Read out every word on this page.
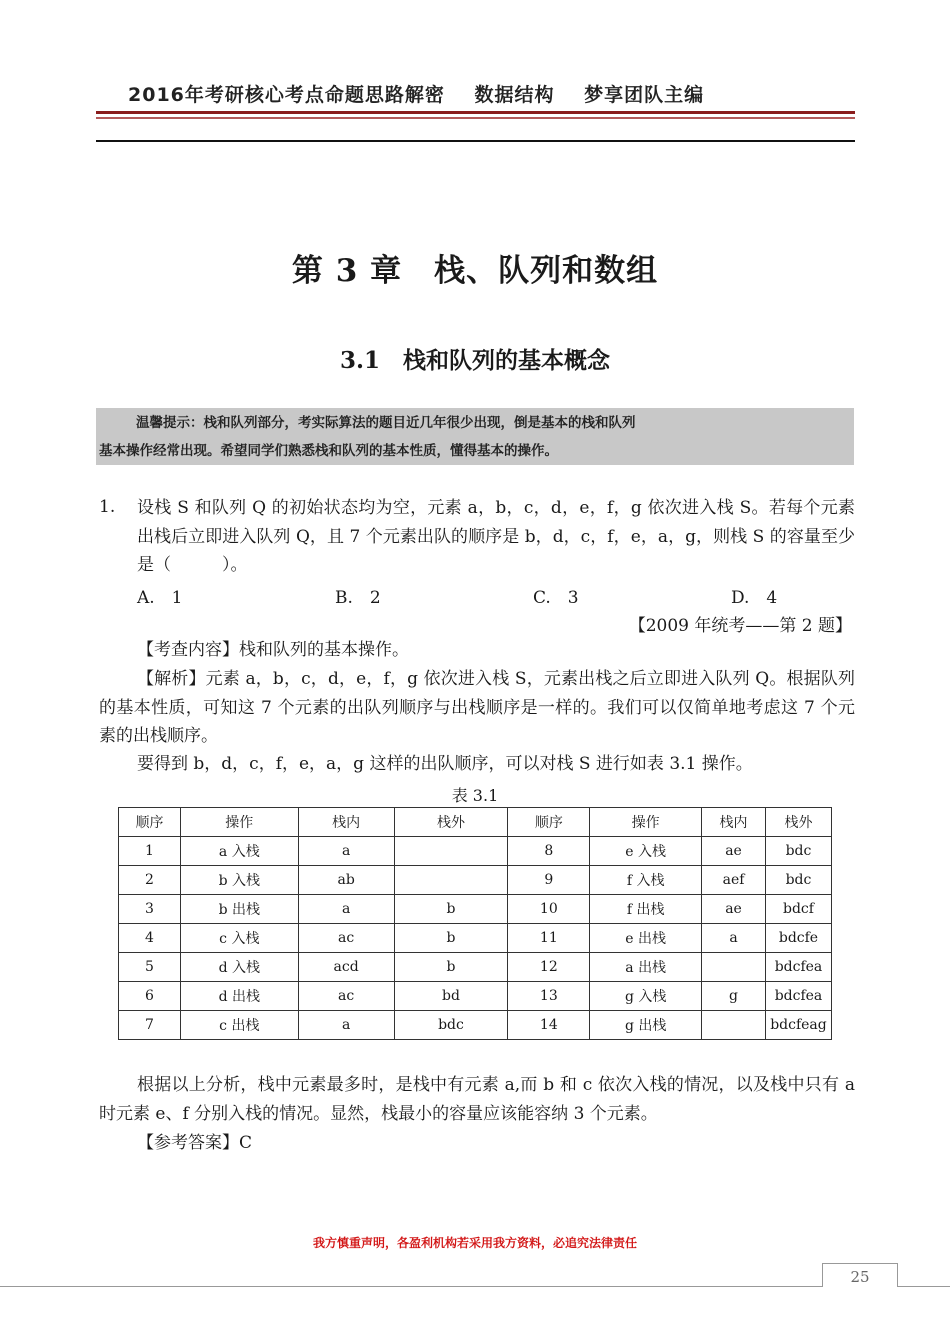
2016年考研核心考点命题思路解密 数据结构 梦享团队主编
第 3 章　栈、队列和数组
3.1　栈和队列的基本概念
温馨提示：栈和队列部分，考实际算法的题目近几年很少出现，倒是基本的栈和队列
基本操作经常出现。希望同学们熟悉栈和队列的基本性质，懂得基本的操作。
1. 设栈 S 和队列 Q 的初始状态均为空，元素 a，b，c，d，e，f，g 依次进入栈 S。若每个元素出栈后立即进入队列 Q，且 7 个元素出队的顺序是 b，d，c，f，e，a，g，则栈 S 的容量至少是（　　　）。
A.　1	B.　2	C.　3	D.　4
【2009 年统考——第 2 题】
【考查内容】栈和队列的基本操作。
【解析】元素 a，b，c，d，e，f，g 依次进入栈 S，元素出栈之后立即进入队列 Q。根据队列的基本性质，可知这 7 个元素的出队列顺序与出栈顺序是一样的。我们可以仅简单地考虑这 7 个元素的出栈顺序。
要得到 b，d，c，f，e，a，g 这样的出队顺序，可以对栈 S 进行如表 3.1 操作。
表 3.1
顺序	操作	栈内	栈外	顺序	操作	栈内	栈外
1	a 入栈	a		8	e 入栈	ae	bdc
2	b 入栈	ab		9	f 入栈	aef	bdc
3	b 出栈	a	b	10	f 出栈	ae	bdcf
4	c 入栈	ac	b	11	e 出栈	a	bdcfe
5	d 入栈	acd	b	12	a 出栈		bdcfea
6	d 出栈	ac	bd	13	g 入栈	g	bdcfea
7	c 出栈	a	bdc	14	g 出栈		bdcfeag
根据以上分析，栈中元素最多时，是栈中有元素 a,而 b 和 c 依次入栈的情况，以及栈中只有 a 时元素 e、f 分别入栈的情况。显然，栈最小的容量应该能容纳 3 个元素。
【参考答案】C
我方慎重声明，各盈利机构若采用我方资料，必追究法律责任
25
